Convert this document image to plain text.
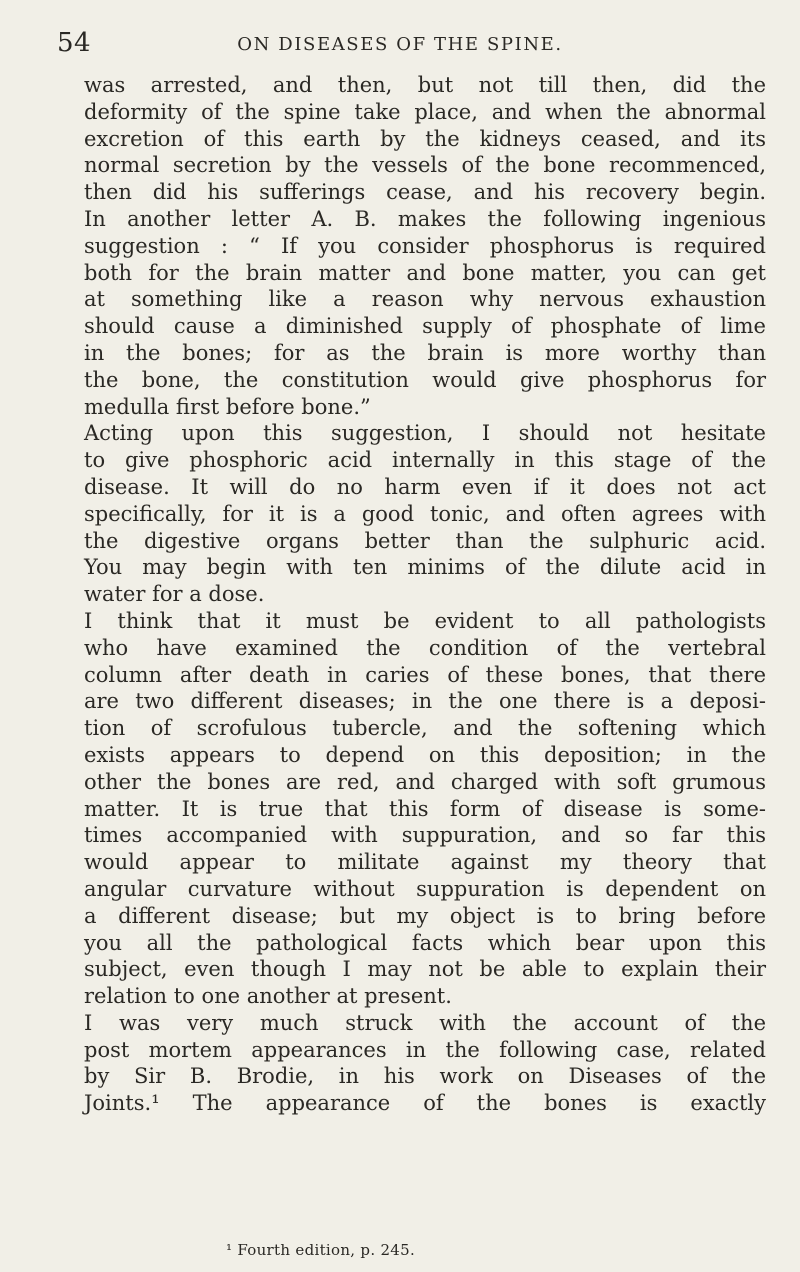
54	ON DISEASES OF THE SPINE.
was arrested, and then, but not till then, did the
deformity of the spine take place, and when the abnormal
excretion of this earth by the kidneys ceased, and its
normal secretion by the vessels of the bone recommenced,
then did his sufferings cease, and his recovery begin.
In another letter A. B. makes the following ingenious
suggestion : “ If you consider phosphorus is required
both for the brain matter and bone matter, you can get
at something like a reason why nervous exhaustion
should cause a diminished supply of phosphate of lime
in the bones; for as the brain is more worthy than
the bone, the constitution would give phosphorus for
medulla first before bone.”
Acting upon this suggestion, I should not hesitate
to give phosphoric acid internally in this stage of the
disease. It will do no harm even if it does not act
specifically, for it is a good tonic, and often agrees with
the digestive organs better than the sulphuric acid.
You may begin with ten minims of the dilute acid in
water for a dose.
I think that it must be evident to all pathologists
who have examined the condition of the vertebral
column after death in caries of these bones, that there
are two different diseases; in the one there is a deposi-
tion of scrofulous tubercle, and the softening which
exists appears to depend on this deposition; in the
other the bones are red, and charged with soft grumous
matter. It is true that this form of disease is some-
times accompanied with suppuration, and so far this
would appear to militate against my theory that
angular curvature without suppuration is dependent on
a different disease; but my object is to bring before
you all the pathological facts which bear upon this
subject, even though I may not be able to explain their
relation to one another at present.
I was very much struck with the account of the
post mortem appearances in the following case, related
by Sir B. Brodie, in his work on Diseases of the
Joints.¹ The appearance of the bones is exactly
¹ Fourth edition, p. 245.
